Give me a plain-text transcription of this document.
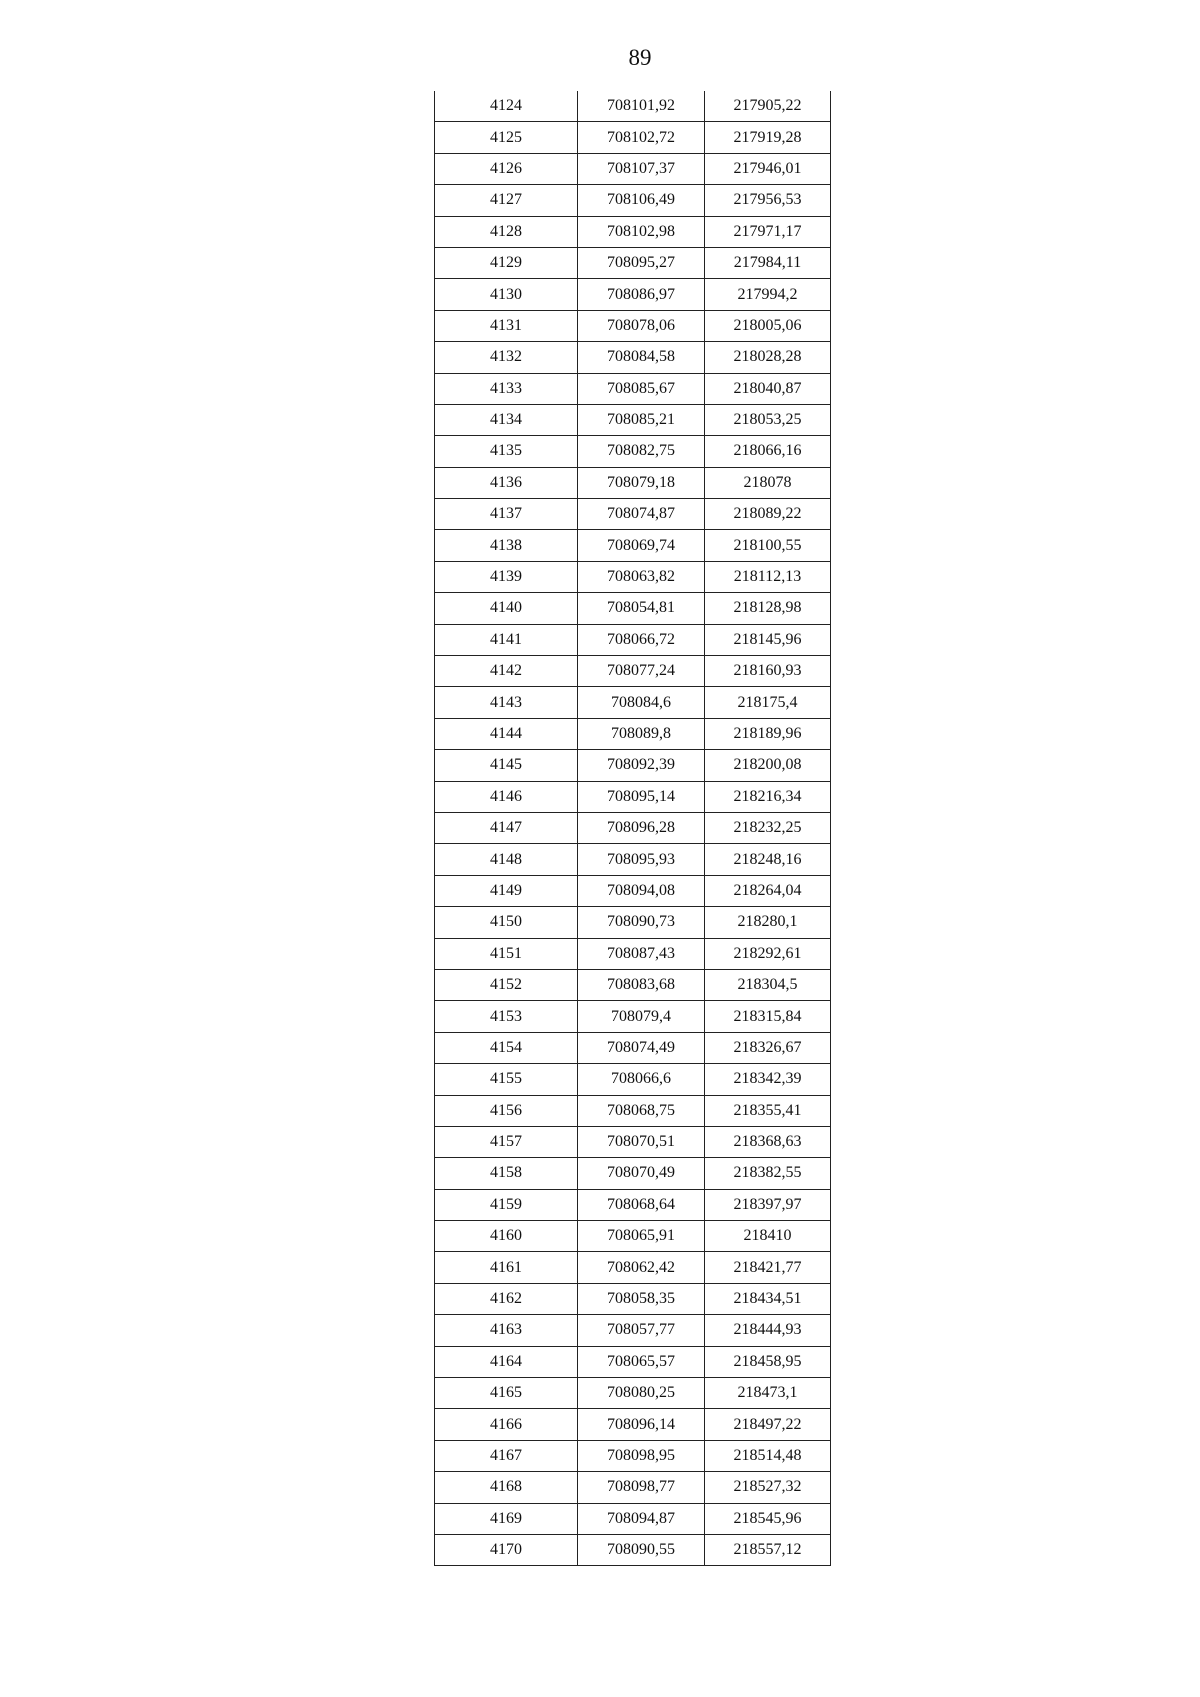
89
4124	708101,92	217905,22
4125	708102,72	217919,28
4126	708107,37	217946,01
4127	708106,49	217956,53
4128	708102,98	217971,17
4129	708095,27	217984,11
4130	708086,97	217994,2
4131	708078,06	218005,06
4132	708084,58	218028,28
4133	708085,67	218040,87
4134	708085,21	218053,25
4135	708082,75	218066,16
4136	708079,18	218078
4137	708074,87	218089,22
4138	708069,74	218100,55
4139	708063,82	218112,13
4140	708054,81	218128,98
4141	708066,72	218145,96
4142	708077,24	218160,93
4143	708084,6	218175,4
4144	708089,8	218189,96
4145	708092,39	218200,08
4146	708095,14	218216,34
4147	708096,28	218232,25
4148	708095,93	218248,16
4149	708094,08	218264,04
4150	708090,73	218280,1
4151	708087,43	218292,61
4152	708083,68	218304,5
4153	708079,4	218315,84
4154	708074,49	218326,67
4155	708066,6	218342,39
4156	708068,75	218355,41
4157	708070,51	218368,63
4158	708070,49	218382,55
4159	708068,64	218397,97
4160	708065,91	218410
4161	708062,42	218421,77
4162	708058,35	218434,51
4163	708057,77	218444,93
4164	708065,57	218458,95
4165	708080,25	218473,1
4166	708096,14	218497,22
4167	708098,95	218514,48
4168	708098,77	218527,32
4169	708094,87	218545,96
4170	708090,55	218557,12
